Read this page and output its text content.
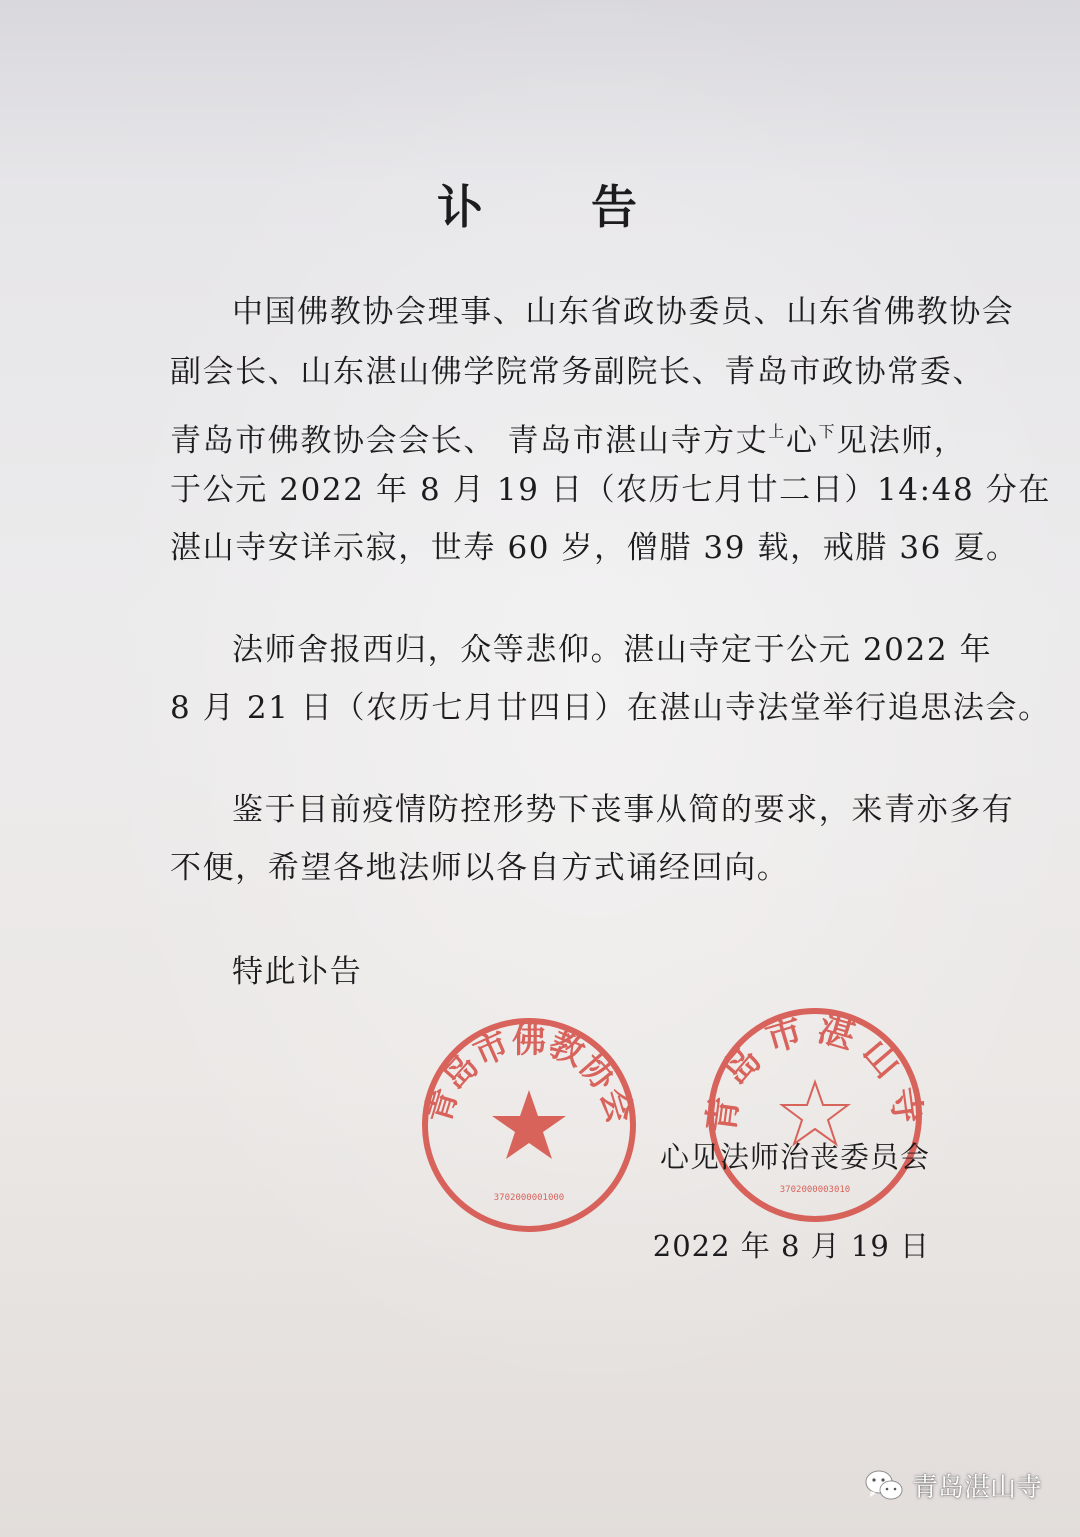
讣 告
中国佛教协会理事、山东省政协委员、山东省佛教协会
副会长、山东湛山佛学院常务副院长、青岛市政协常委、
青岛市佛教协会会长、 青岛市湛山寺方丈$^上$心$^下$见法师，
于公元 2022 年 8 月 19 日（农历七月廿二日）14:48 分在
湛山寺安详示寂，世寿 60 岁，僧腊 39 载，戒腊 36 夏。
法师舍报西归，众等悲仰。湛山寺定于公元 2022 年
8 月 21 日（农历七月廿四日）在湛山寺法堂举行追思法会。
鉴于目前疫情防控形势下丧事从简的要求，来青亦多有
不便，希望各地法师以各自方式诵经回向。
特此讣告
青岛市佛教协会
3702000001000
青岛市湛山寺
3702000003010
心见法师治丧委员会
2022 年 8 月 19 日
青岛湛山寺
